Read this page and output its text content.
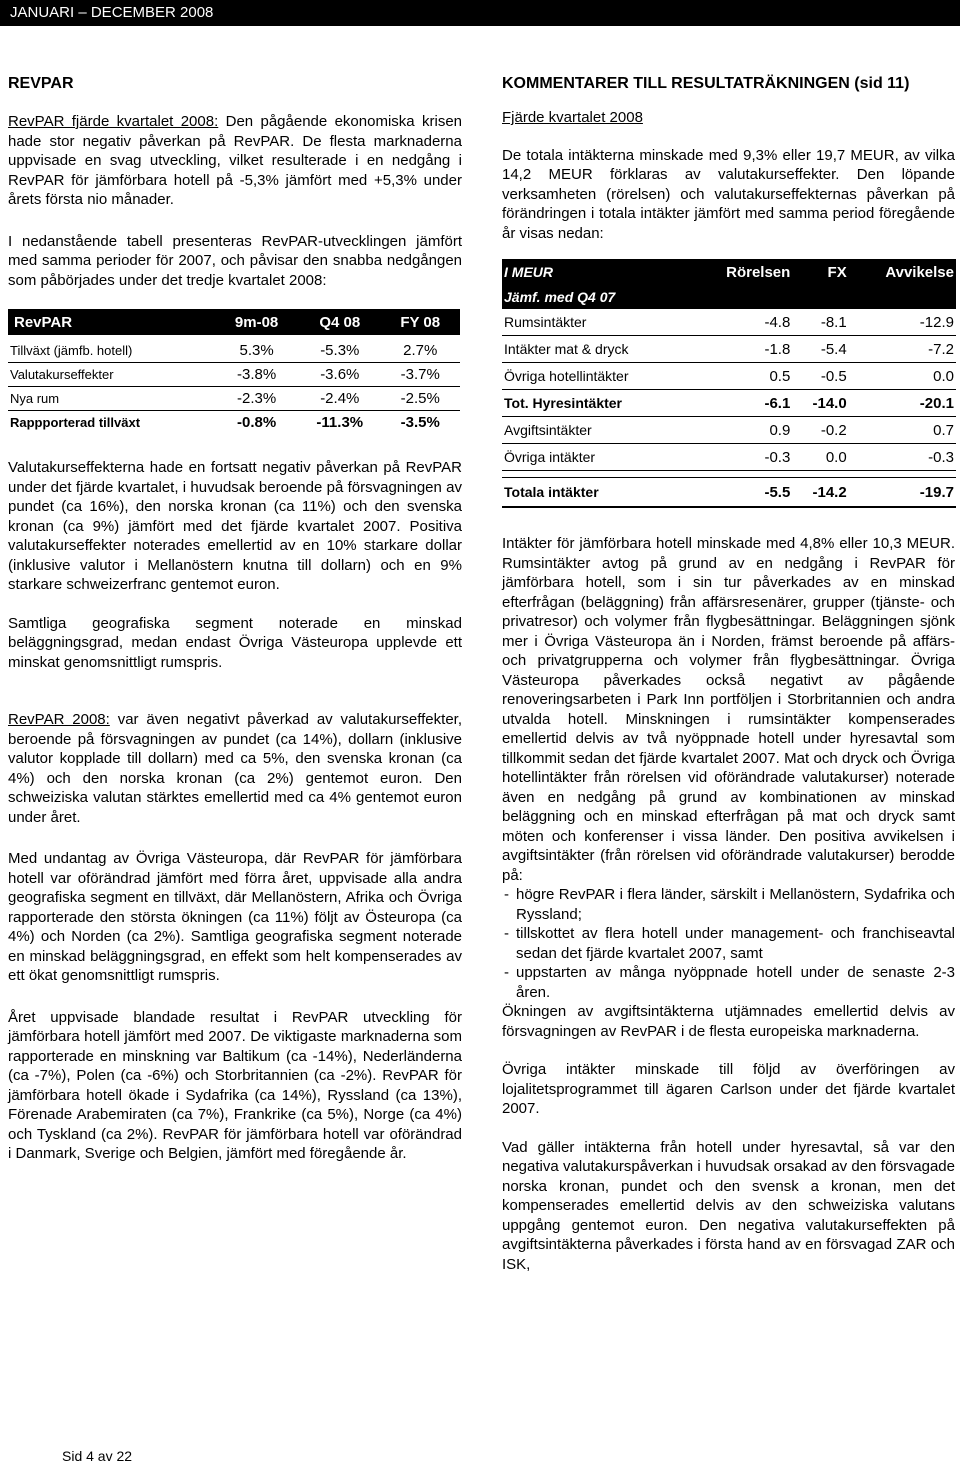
JANUARI – DECEMBER 2008

REVPAR

RevPAR fjärde kvartalet 2008: Den pågående ekonomiska krisen hade stor negativ påverkan på RevPAR. De flesta marknaderna uppvisade en svag utveckling, vilket resulterade i en nedgång i RevPAR för jämförbara hotell på -5,3% jämfört med +5,3% under årets första nio månader.

I nedanstående tabell presenteras RevPAR-utvecklingen jämfört med samma perioder för 2007, och påvisar den snabba nedgången som påbörjades under det tredje kvartalet 2008:

RevPAR	9m-08	Q4 08	FY 08
Tillväxt (jämfb. hotell)	5.3%	-5.3%	2.7%
Valutakurseffekter	-3.8%	-3.6%	-3.7%
Nya rum	-2.3%	-2.4%	-2.5%
Rappporterad tillväxt	-0.8%	-11.3%	-3.5%

Valutakurseffekterna hade en fortsatt negativ påverkan på RevPAR under det fjärde kvartalet, i huvudsak beroende på försvagningen av pundet (ca 16%), den norska kronan (ca 11%) och den svenska kronan (ca 9%) jämfört med det fjärde kvartalet 2007. Positiva valutakurseffekter noterades emellertid av en 10% starkare dollar (inklusive valutor i Mellanöstern knutna till dollarn) och en 9% starkare schweizerfranc gentemot euron.

Samtliga geografiska segment noterade en minskad beläggningsgrad, medan endast Övriga Västeuropa upplevde ett minskat genomsnittligt rumspris.

RevPAR 2008: var även negativt påverkad av valutakurseffekter, beroende på försvagningen av pundet (ca 14%), dollarn (inklusive valutor kopplade till dollarn) med ca 5%, den svenska kronan (ca 4%) och den norska kronan (ca 2%) gentemot euron. Den schweiziska valutan stärktes emellertid med ca 4% gentemot euron under året.

Med undantag av Övriga Västeuropa, där RevPAR för jämförbara hotell var oförändrad jämfört med förra året, uppvisade alla andra geografiska segment en tillväxt, där Mellanöstern, Afrika och Övriga rapporterade den största ökningen (ca 11%) följt av Östeuropa (ca 4%) och Norden (ca 2%). Samtliga geografiska segment noterade en minskad beläggningsgrad, en effekt som helt kompenserades av ett ökat genomsnittligt rumspris.

Året uppvisade blandade resultat i RevPAR utveckling för jämförbara hotell jämfört med 2007. De viktigaste marknaderna som rapporterade en minskning var Baltikum (ca -14%), Nederländerna (ca -7%), Polen (ca -6%) och Storbritannien (ca -2%). RevPAR för jämförbara hotell ökade i Sydafrika (ca 14%), Ryssland (ca 13%), Förenade Arabemiraten (ca 7%), Frankrike (ca 5%), Norge (ca 4%) och Tyskland (ca 2%). RevPAR för jämförbara hotell var oförändrad i Danmark, Sverige och Belgien, jämfört med föregående år.

KOMMENTARER TILL RESULTATRÄKNINGEN (sid 11)

Fjärde kvartalet 2008

De totala intäkterna minskade med 9,3% eller 19,7 MEUR, av vilka 14,2 MEUR förklaras av valutakurseffekter. Den löpande verksamheten (rörelsen) och valutakurseffekternas påverkan på förändringen i totala intäkter jämfört med samma period föregående år visas nedan:

I MEUR	Rörelsen	FX	Avvikelse
Jämf. med Q4 07			
Rumsintäkter	-4.8	-8.1	-12.9
Intäkter mat & dryck	-1.8	-5.4	-7.2
Övriga hotellintäkter	0.5	-0.5	0.0
Tot. Hyresintäkter	-6.1	-14.0	-20.1
Avgiftsintäkter	0.9	-0.2	0.7
Övriga intäkter	-0.3	0.0	-0.3

Totala intäkter	-5.5	-14.2	-19.7

Intäkter för jämförbara hotell minskade med 4,8% eller 10,3 MEUR. Rumsintäkter avtog på grund av en nedgång i RevPAR för jämförbara hotell, som i sin tur påverkades av en minskad efterfrågan (beläggning) från affärsresenärer, grupper (tjänste- och privatresor) och volymer från flygbesättningar. Beläggningen sjönk mer i Övriga Västeuropa än i Norden, främst beroende på affärs- och privatgrupperna och volymer från flygbesättningar. Övriga Västeuropa påverkades också negativt av pågående renoveringsarbeten i Park Inn portföljen i Storbritannien och andra utvalda hotell. Minskningen i rumsintäkter kompenserades emellertid delvis av två nyöppnade hotell under hyresavtal som tillkommit sedan det fjärde kvartalet 2007. Mat och dryck och Övriga hotellintäkter från rörelsen vid oförändrade valutakurser) noterade även en nedgång på grund av kombinationen av minskad beläggning och en minskad efterfrågan på mat och dryck samt möten och konferenser i vissa länder. Den positiva avvikelsen i avgiftsintäkter (från rörelsen vid oförändrade valutakurser) berodde på:

- högre RevPAR i flera länder, särskilt i Mellanöstern, Sydafrika och Ryssland;
- tillskottet av flera hotell under management- och franchiseavtal sedan det fjärde kvartalet 2007, samt
- uppstarten av många nyöppnade hotell under de senaste 2-3 åren.

Ökningen av avgiftsintäkterna utjämnades emellertid delvis av försvagningen av RevPAR i de flesta europeiska marknaderna.

Övriga intäkter minskade till följd av överföringen av lojalitetsprogrammet till ägaren Carlson under det fjärde kvartalet 2007.

Vad gäller intäkterna från hotell under hyresavtal, så var den negativa valutakurspåverkan i huvudsak orsakad av den försvagade norska kronan, pundet och den svensk a kronan, men det kompenserades emellertid delvis av den schweiziska valutans uppgång gentemot euron. Den negativa valutakurseffekten på avgiftsintäkterna påverkades i första hand av en försvagad ZAR och ISK,

Sid 4 av 22
